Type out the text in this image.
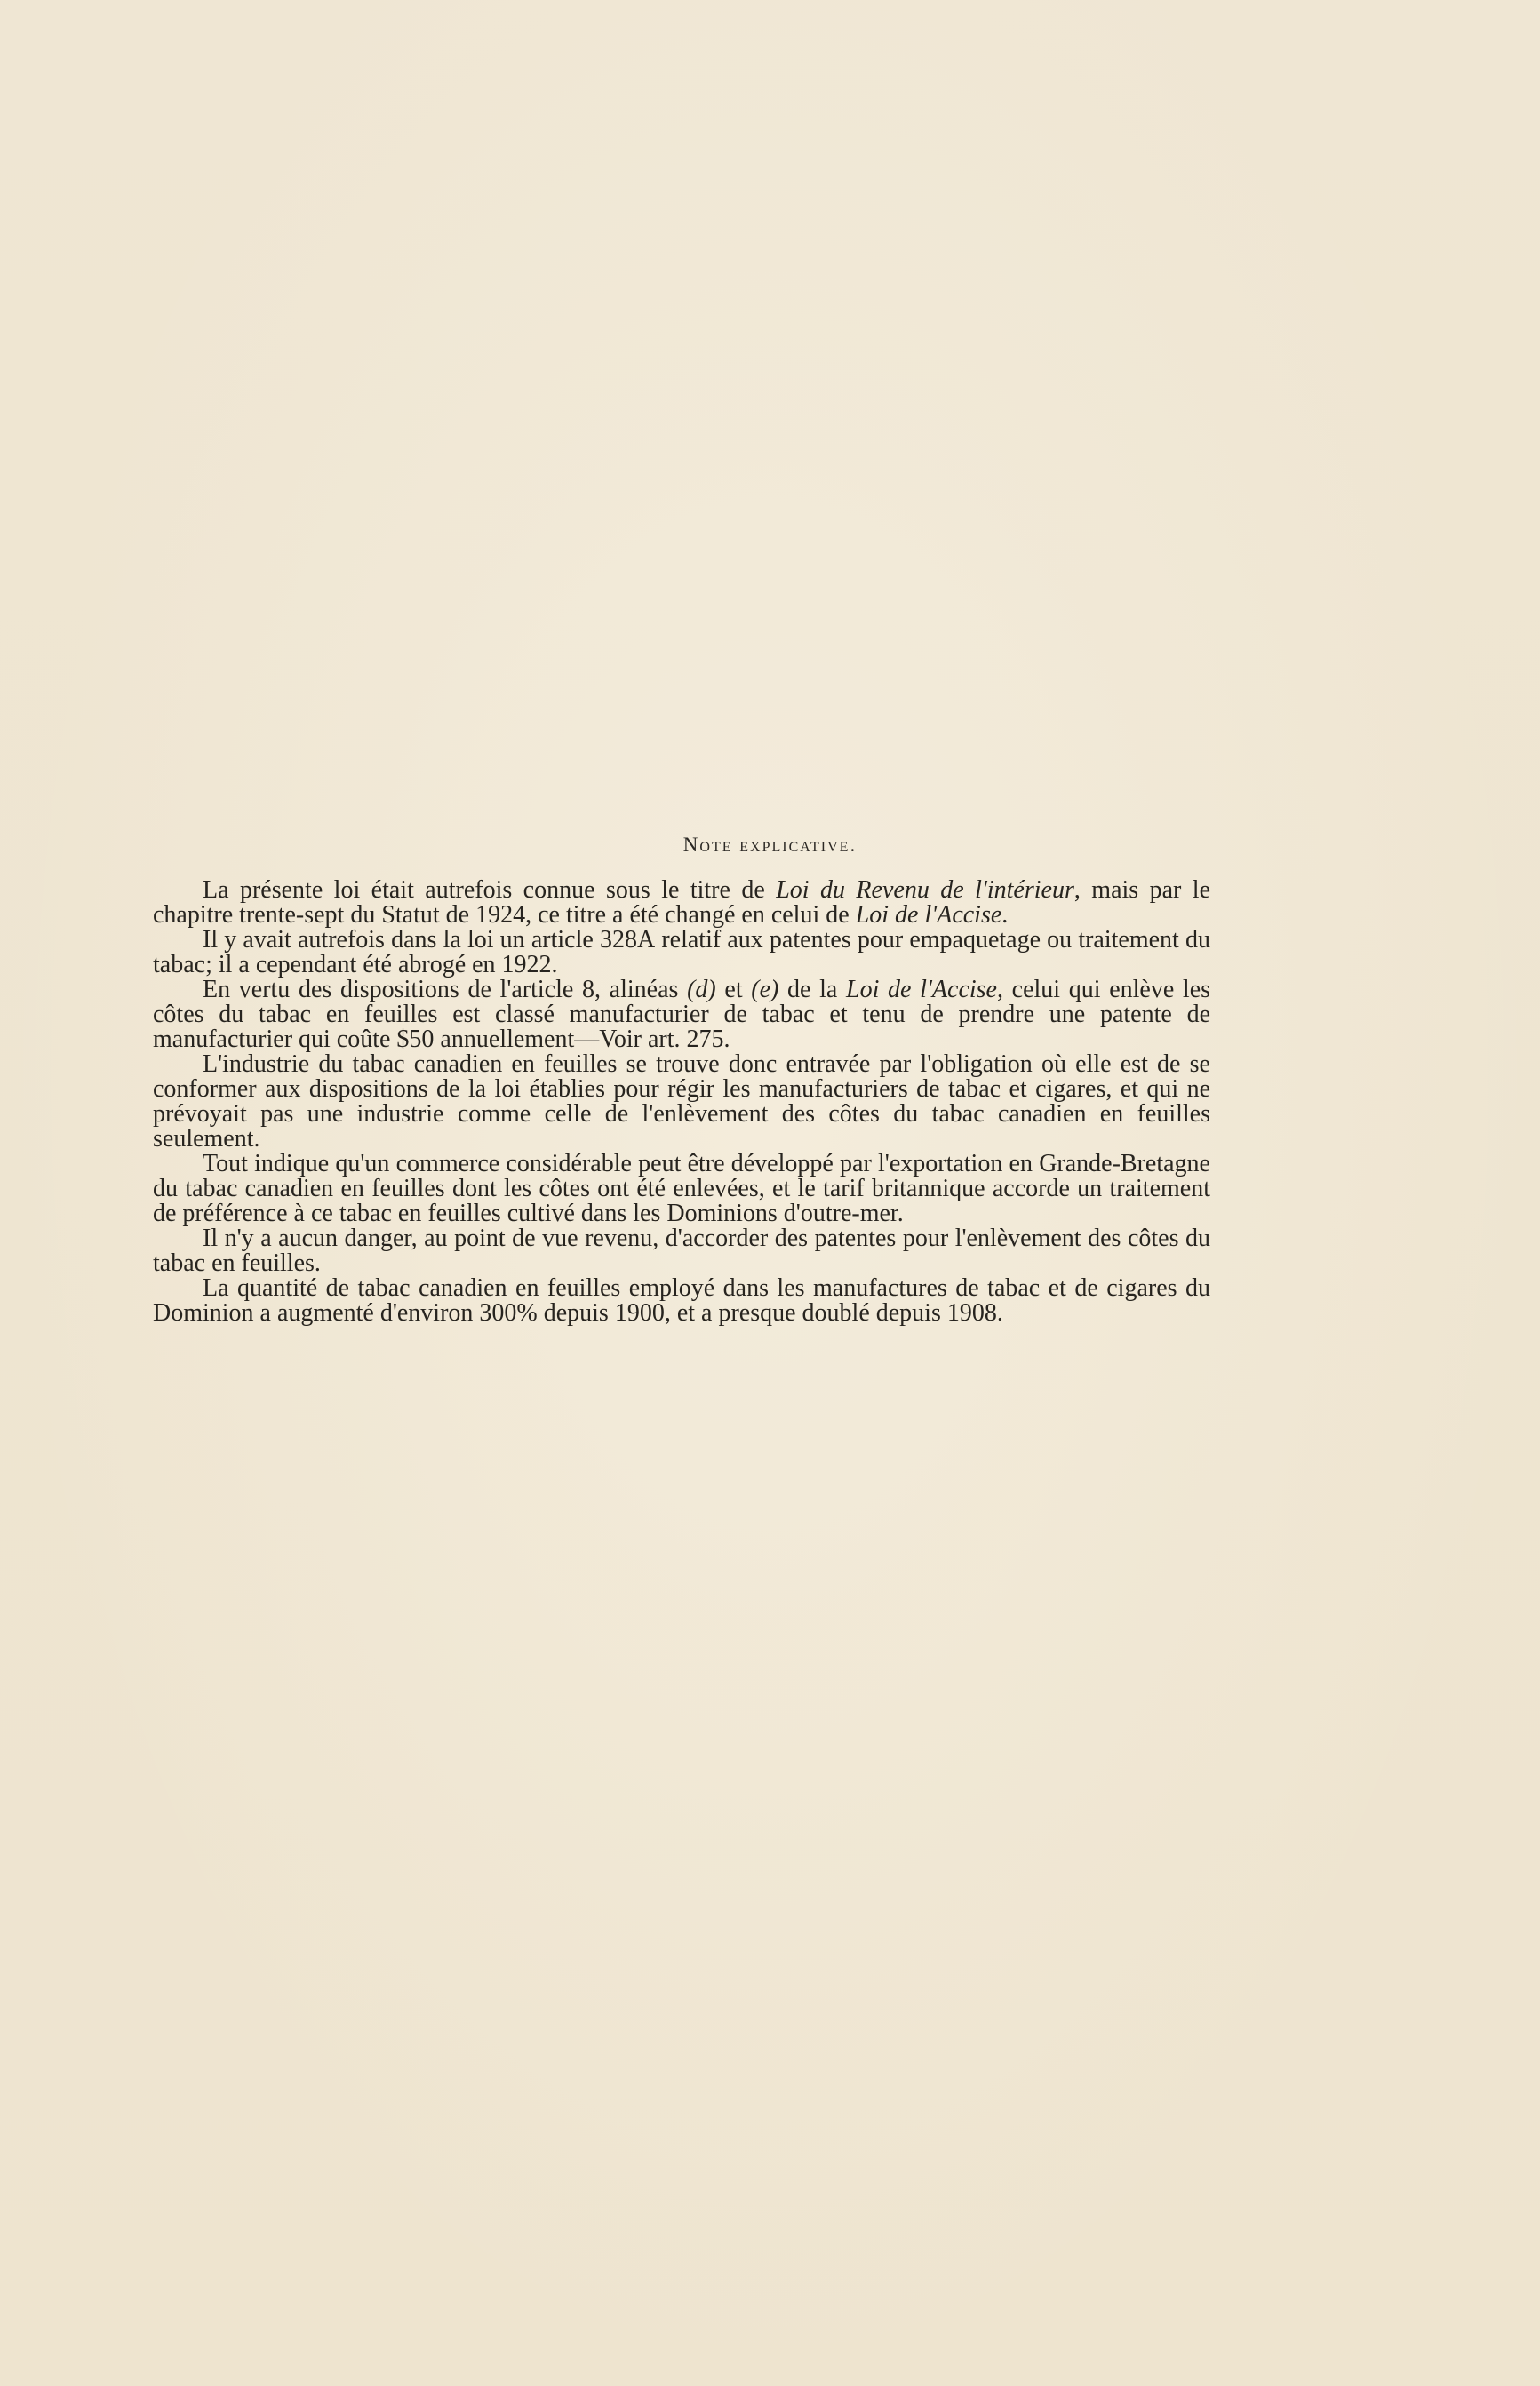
Note explicative.

La présente loi était autrefois connue sous le titre de Loi du Revenu de l'intérieur, mais par le chapitre trente-sept du Statut de 1924, ce titre a été changé en celui de Loi de l'Accise.

Il y avait autrefois dans la loi un article 328A relatif aux patentes pour empaquetage ou traitement du tabac; il a cependant été abrogé en 1922.

En vertu des dispositions de l'article 8, alinéas (d) et (e) de la Loi de l'Accise, celui qui enlève les côtes du tabac en feuilles est classé manufacturier de tabac et tenu de prendre une patente de manufacturier qui coûte $50 annuellement—Voir art. 275.

L'industrie du tabac canadien en feuilles se trouve donc entravée par l'obligation où elle est de se conformer aux dispositions de la loi établies pour régir les manufacturiers de tabac et cigares, et qui ne prévoyait pas une industrie comme celle de l'enlèvement des côtes du tabac canadien en feuilles seulement.

Tout indique qu'un commerce considérable peut être développé par l'exportation en Grande-Bretagne du tabac canadien en feuilles dont les côtes ont été enlevées, et le tarif britannique accorde un traitement de préférence à ce tabac en feuilles cultivé dans les Dominions d'outre-mer.

Il n'y a aucun danger, au point de vue revenu, d'accorder des patentes pour l'enlèvement des côtes du tabac en feuilles.

La quantité de tabac canadien en feuilles employé dans les manufactures de tabac et de cigares du Dominion a augmenté d'environ 300% depuis 1900, et a presque doublé depuis 1908.
